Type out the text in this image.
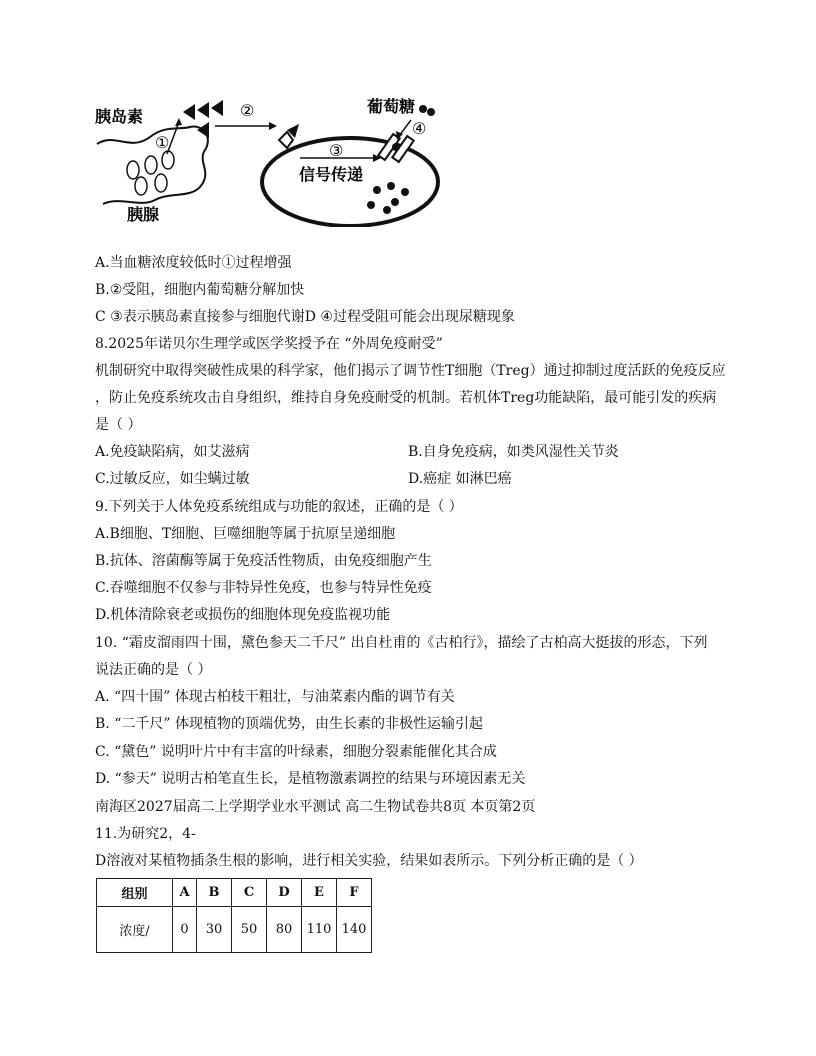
①
胰岛素	②
③
信号传递
葡萄糖
④
胰腺
A.当血糖浓度较低时①过程增强
B.②受阻，细胞内葡萄糖分解加快
C ③表示胰岛素直接参与细胞代谢D ④过程受阻可能会出现尿糖现象
8.2025年诺贝尔生理学或医学奖授予在 “外周免疫耐受”
机制研究中取得突破性成果的科学家，他们揭示了调节性T细胞（Treg）通过抑制过度活跃的免疫反应
，防止免疫系统攻击自身组织，维持自身免疫耐受的机制。若机体Treg功能缺陷，最可能引发的疾病
是（ ）
A.免疫缺陷病，如艾滋病	B.自身免疫病，如类风湿性关节炎
C.过敏反应，如尘螨过敏	D.癌症 如淋巴癌
9.下列关于人体免疫系统组成与功能的叙述，正确的是（ ）
A.B细胞、T细胞、巨噬细胞等属于抗原呈递细胞
B.抗体、溶菌酶等属于免疫活性物质，由免疫细胞产生
C.吞噬细胞不仅参与非特异性免疫，也参与特异性免疫
D.机体清除衰老或损伤的细胞体现免疫监视功能
10. “霜皮溜雨四十围，黛色参天二千尺” 出自杜甫的《古柏行》，描绘了古柏高大挺拔的形态，下列
说法正确的是（ ）
A. “四十围” 体现古柏枝干粗壮，与油菜素内酯的调节有关
B. “二千尺” 体现植物的顶端优势，由生长素的非极性运输引起
C. “黛色” 说明叶片中有丰富的叶绿素，细胞分裂素能催化其合成
D. “参天” 说明古柏笔直生长，是植物激素调控的结果与环境因素无关
南海区2027届高二上学期学业水平测试 高二生物试卷共8页 本页第2页
11.为研究2，4-
D溶液对某植物插条生根的影响，进行相关实验，结果如表所示。下列分析正确的是（ ）
组别	A	B	C	D	E	F
浓度/	0	30	50	80	110	140
